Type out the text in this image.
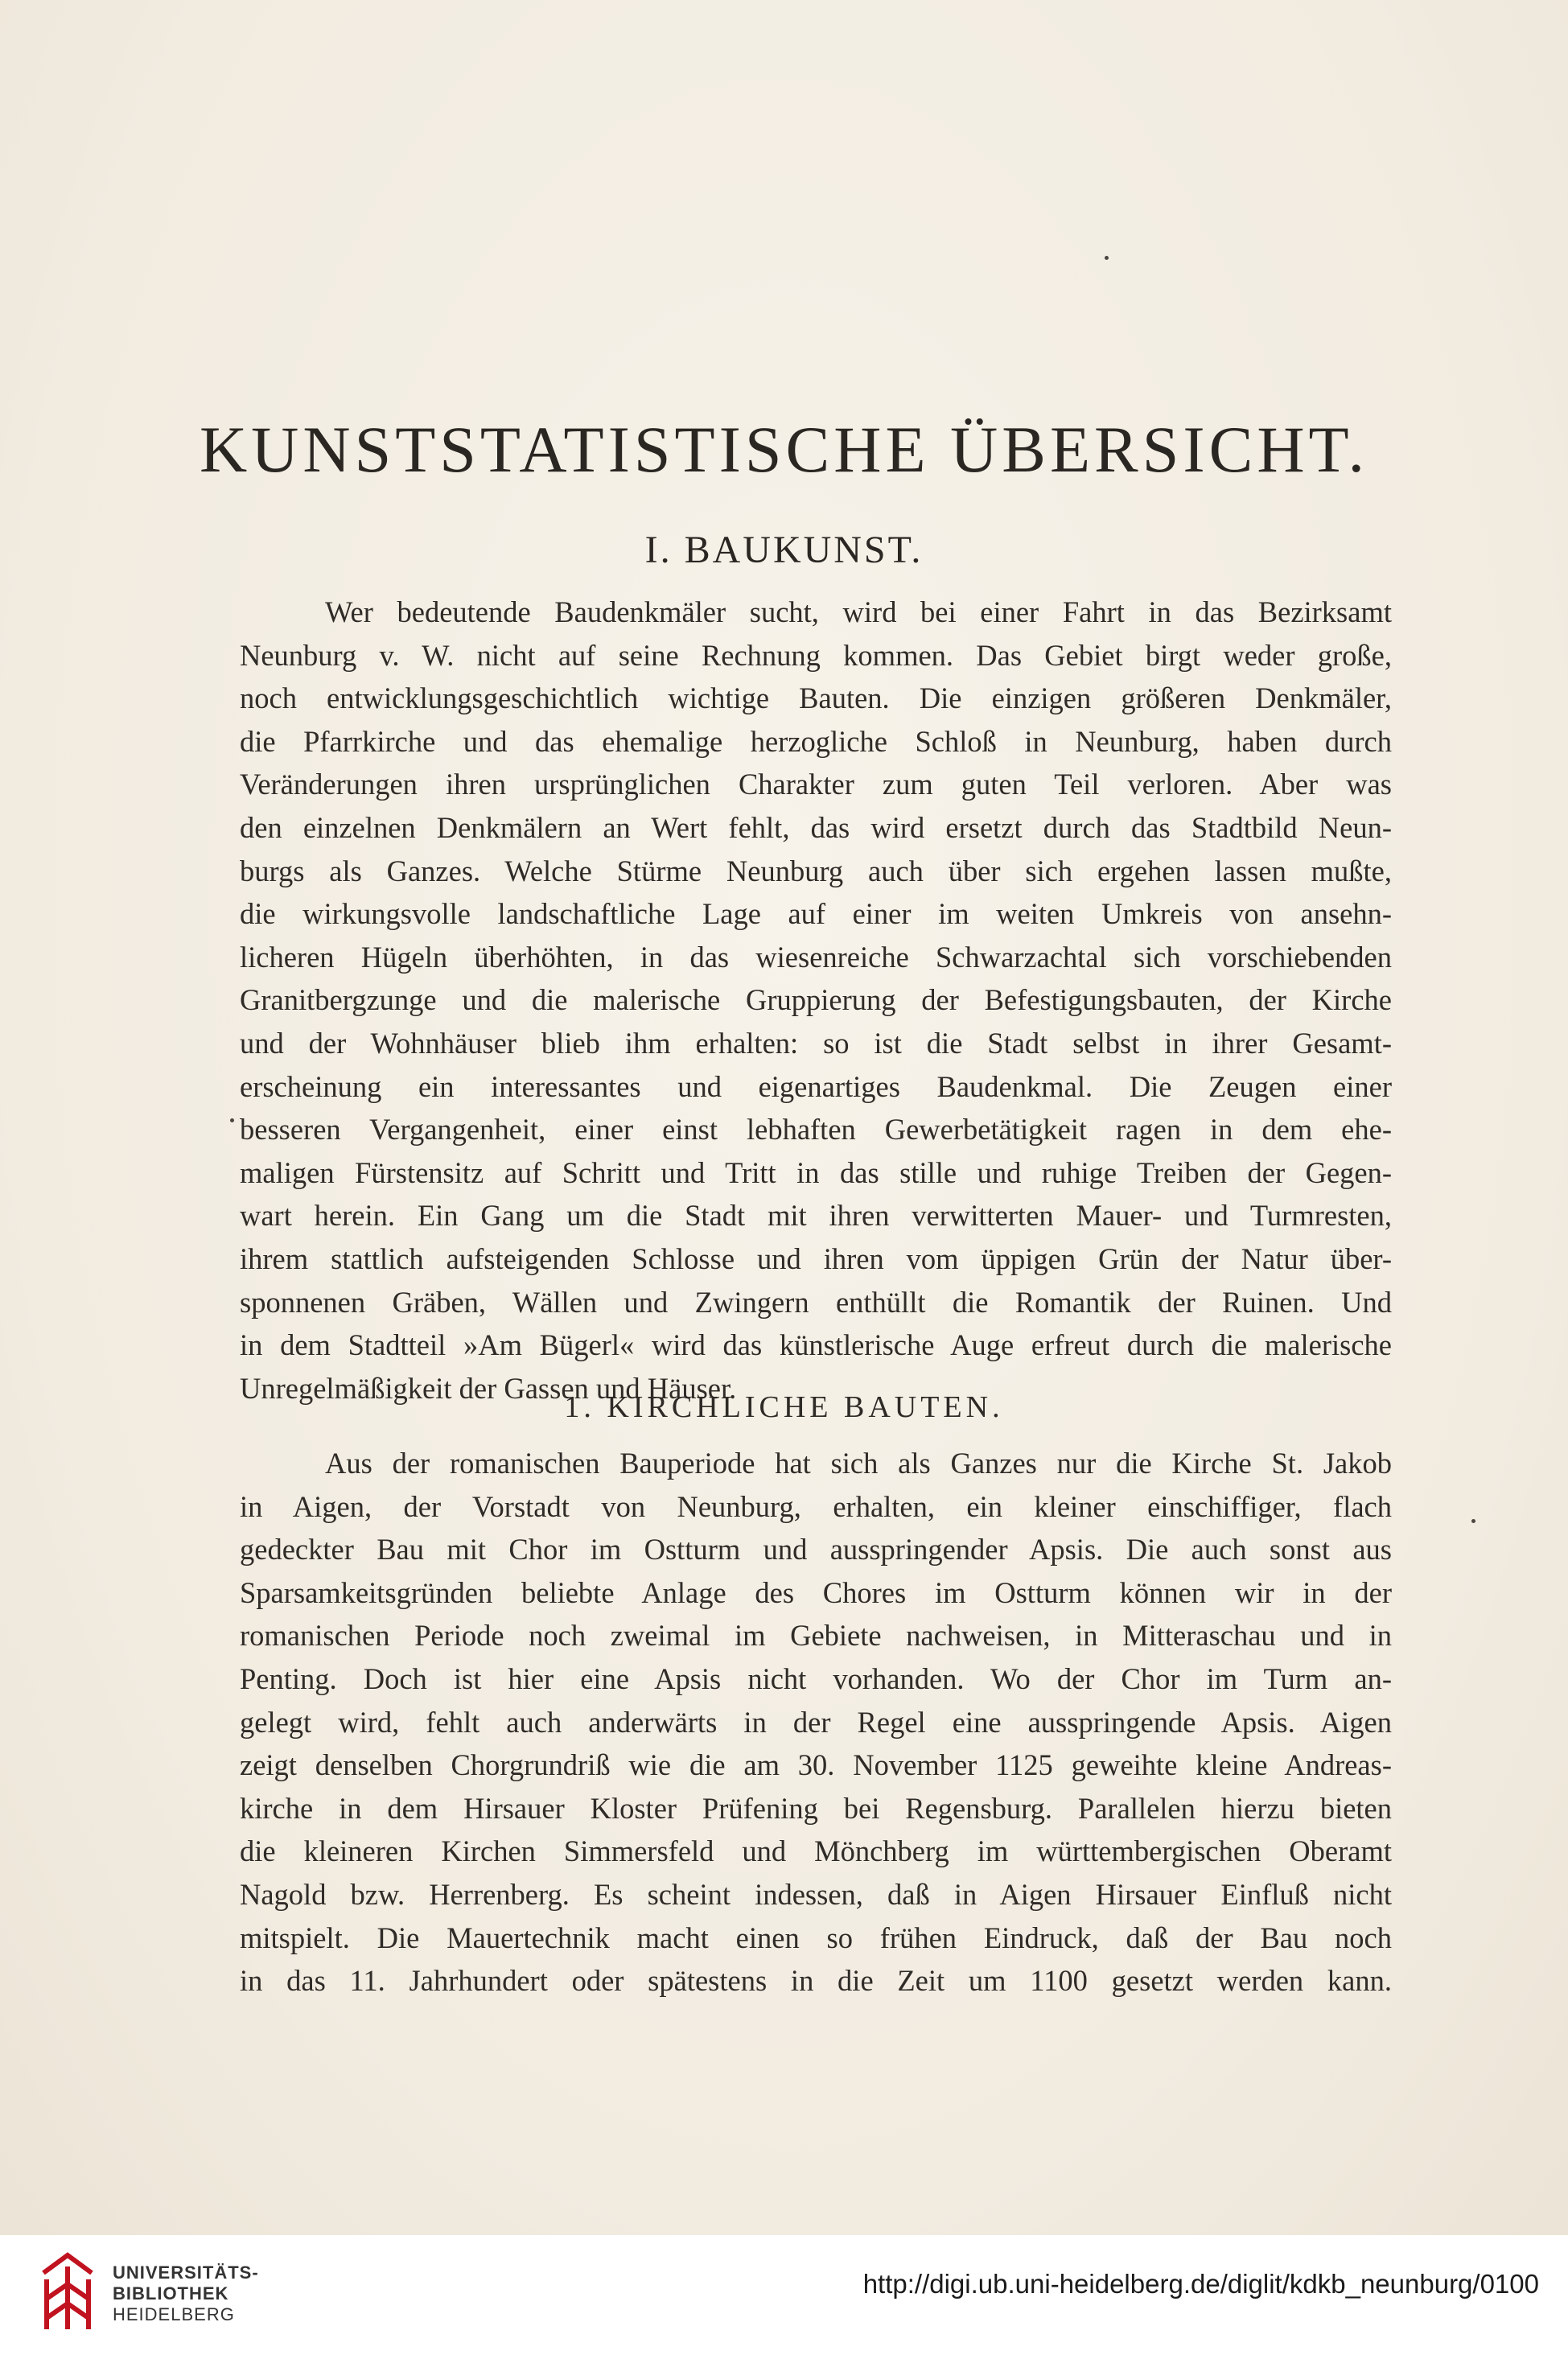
KUNSTSTATISTISCHE ÜBERSICHT.
I. BAUKUNST.

Wer bedeutende Baudenkmäler sucht, wird bei einer Fahrt in das Bezirksamt
Neunburg v. W. nicht auf seine Rechnung kommen. Das Gebiet birgt weder große,
noch entwicklungsgeschichtlich wichtige Bauten. Die einzigen größeren Denkmäler,
die Pfarrkirche und das ehemalige herzogliche Schloß in Neunburg, haben durch
Veränderungen ihren ursprünglichen Charakter zum guten Teil verloren. Aber was
den einzelnen Denkmälern an Wert fehlt, das wird ersetzt durch das Stadtbild Neun-
burgs als Ganzes. Welche Stürme Neunburg auch über sich ergehen lassen mußte,
die wirkungsvolle landschaftliche Lage auf einer im weiten Umkreis von ansehn-
licheren Hügeln überhöhten, in das wiesenreiche Schwarzachtal sich vorschiebenden
Granitbergzunge und die malerische Gruppierung der Befestigungsbauten, der Kirche
und der Wohnhäuser blieb ihm erhalten: so ist die Stadt selbst in ihrer Gesamt-
erscheinung ein interessantes und eigenartiges Baudenkmal. Die Zeugen einer
besseren Vergangenheit, einer einst lebhaften Gewerbetätigkeit ragen in dem ehe-
maligen Fürstensitz auf Schritt und Tritt in das stille und ruhige Treiben der Gegen-
wart herein. Ein Gang um die Stadt mit ihren verwitterten Mauer- und Turmresten,
ihrem stattlich aufsteigenden Schlosse und ihren vom üppigen Grün der Natur über-
sponnenen Gräben, Wällen und Zwingern enthüllt die Romantik der Ruinen. Und
in dem Stadtteil »Am Bügerl« wird das künstlerische Auge erfreut durch die malerische
Unregelmäßigkeit der Gassen und Häuser.

1. KIRCHLICHE BAUTEN.

Aus der romanischen Bauperiode hat sich als Ganzes nur die Kirche St. Jakob
in Aigen, der Vorstadt von Neunburg, erhalten, ein kleiner einschiffiger, flach
gedeckter Bau mit Chor im Ostturm und ausspringender Apsis. Die auch sonst aus
Sparsamkeitsgründen beliebte Anlage des Chores im Ostturm können wir in der
romanischen Periode noch zweimal im Gebiete nachweisen, in Mitteraschau und in
Penting. Doch ist hier eine Apsis nicht vorhanden. Wo der Chor im Turm an-
gelegt wird, fehlt auch anderwärts in der Regel eine ausspringende Apsis. Aigen
zeigt denselben Chorgrundriß wie die am 30. November 1125 geweihte kleine Andreas-
kirche in dem Hirsauer Kloster Prüfening bei Regensburg. Parallelen hierzu bieten
die kleineren Kirchen Simmersfeld und Mönchberg im württembergischen Oberamt
Nagold bzw. Herrenberg. Es scheint indessen, daß in Aigen Hirsauer Einfluß nicht
mitspielt. Die Mauertechnik macht einen so frühen Eindruck, daß der Bau noch
in das 11. Jahrhundert oder spätestens in die Zeit um 1100 gesetzt werden kann.

UNIVERSITÄTS-
BIBLIOTHEK
HEIDELBERG
http://digi.ub.uni-heidelberg.de/diglit/kdkb_neunburg/0100
